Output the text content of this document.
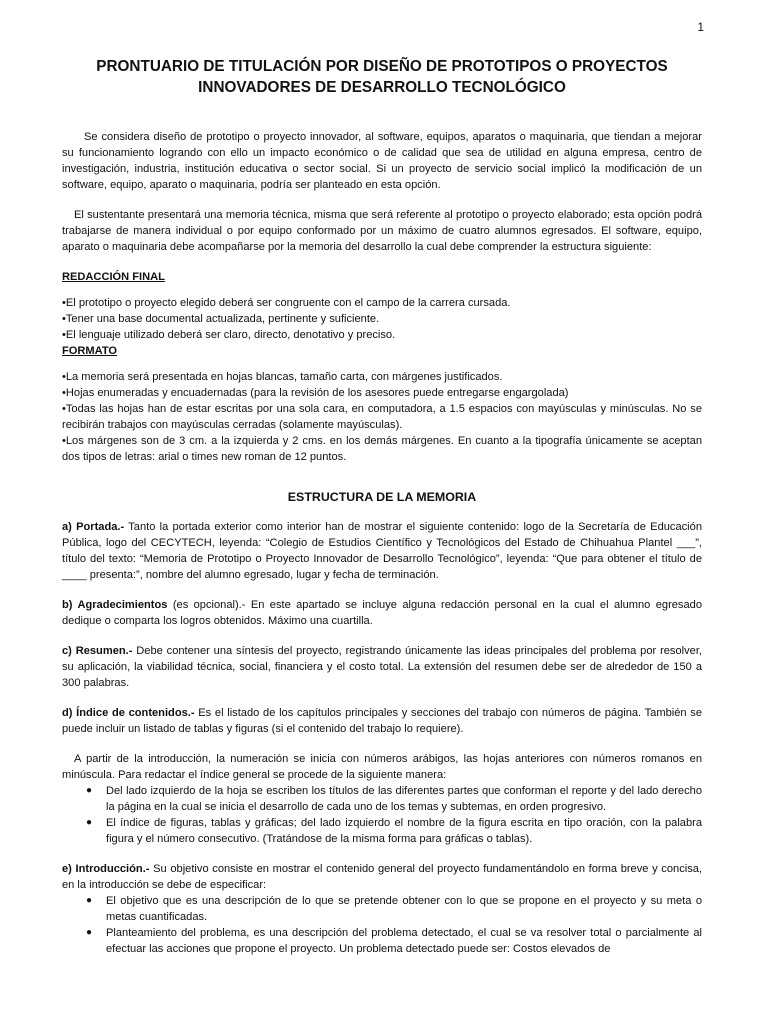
1

PRONTUARIO DE TITULACIÓN POR DISEÑO DE PROTOTIPOS O PROYECTOS

INNOVADORES DE DESARROLLO TECNOLÓGICO

Se considera diseño de prototipo o proyecto innovador, al software, equipos, aparatos o maquinaria, que tiendan a mejorar su funcionamiento logrando con ello un impacto económico o de calidad que sea de utilidad en alguna empresa, centro de investigación, industria, institución educativa o sector social. Si un proyecto de servicio social implicó la modificación de un software, equipo, aparato o maquinaria, podría ser planteado en esta opción.

El sustentante presentará una memoria técnica, misma que será referente al prototipo o proyecto elaborado; esta opción podrá trabajarse de manera individual o por equipo conformado por un máximo de cuatro alumnos egresados. El software, equipo, aparato o maquinaria debe acompañarse por la memoria del desarrollo la cual debe comprender la estructura siguiente:

REDACCIÓN FINAL

•El prototipo o proyecto elegido deberá ser congruente con el campo de la carrera cursada.

•Tener una base documental actualizada, pertinente y suficiente.

•El lenguaje utilizado deberá ser claro, directo, denotativo y preciso.

FORMATO

•La memoria será presentada en hojas blancas, tamaño carta, con márgenes justificados.

•Hojas enumeradas y encuadernadas (para la revisión de los asesores puede entregarse engargolada)

•Todas las hojas han de estar escritas por una sola cara, en computadora, a 1.5 espacios con mayúsculas y minúsculas. No se recibirán trabajos con mayúsculas cerradas (solamente mayúsculas).

•Los márgenes son de 3 cm. a la izquierda y 2 cms. en los demás márgenes. En cuanto a la tipografía únicamente se aceptan dos tipos de letras: arial o times new roman de 12 puntos.

ESTRUCTURA DE LA MEMORIA

a) Portada.- Tanto la portada exterior como interior han de mostrar el siguiente contenido: logo de la Secretaría de Educación Pública, logo del CECYTECH, leyenda: “Colegio de Estudios Científico y Tecnológicos del Estado de Chihuahua Plantel ___”, título del texto: “Memoria de Prototipo o Proyecto Innovador de Desarrollo Tecnológico”, leyenda: “Que para obtener el título de ____ presenta:”, nombre del alumno egresado, lugar y fecha de terminación.

b) Agradecimientos (es opcional).- En este apartado se incluye alguna redacción personal en la cual el alumno egresado dedique o comparta los logros obtenidos. Máximo una cuartilla.

c) Resumen.- Debe contener una síntesis del proyecto, registrando únicamente las ideas principales del problema por resolver, su aplicación, la viabilidad técnica, social, financiera y el costo total. La extensión del resumen debe ser de alrededor de 150 a 300 palabras.

d) Índice de contenidos.- Es el listado de los capítulos principales y secciones del trabajo con números de página. También se puede incluir un listado de tablas y figuras (si el contenido del trabajo lo requiere).

A partir de la introducción, la numeración se inicia con números arábigos, las hojas anteriores con números romanos en minúscula. Para redactar el índice general se procede de la siguiente manera:

● Del lado izquierdo de la hoja se escriben los títulos de las diferentes partes que conforman el reporte y del lado derecho la página en la cual se inicia el desarrollo de cada uno de los temas y subtemas, en orden progresivo.
● El índice de figuras, tablas y gráficas; del lado izquierdo el nombre de la figura escrita en tipo oración, con la palabra figura y el número consecutivo. (Tratándose de la misma forma para gráficas o tablas).

e) Introducción.- Su objetivo consiste en mostrar el contenido general del proyecto fundamentándolo en forma breve y concisa, en la introducción se debe de especificar:

● El objetivo que es una descripción de lo que se pretende obtener con lo que se propone en el proyecto y su meta o metas cuantificadas.
● Planteamiento del problema, es una descripción del problema detectado, el cual se va resolver total o parcialmente al efectuar las acciones que propone el proyecto. Un problema detectado puede ser: Costos elevados de
